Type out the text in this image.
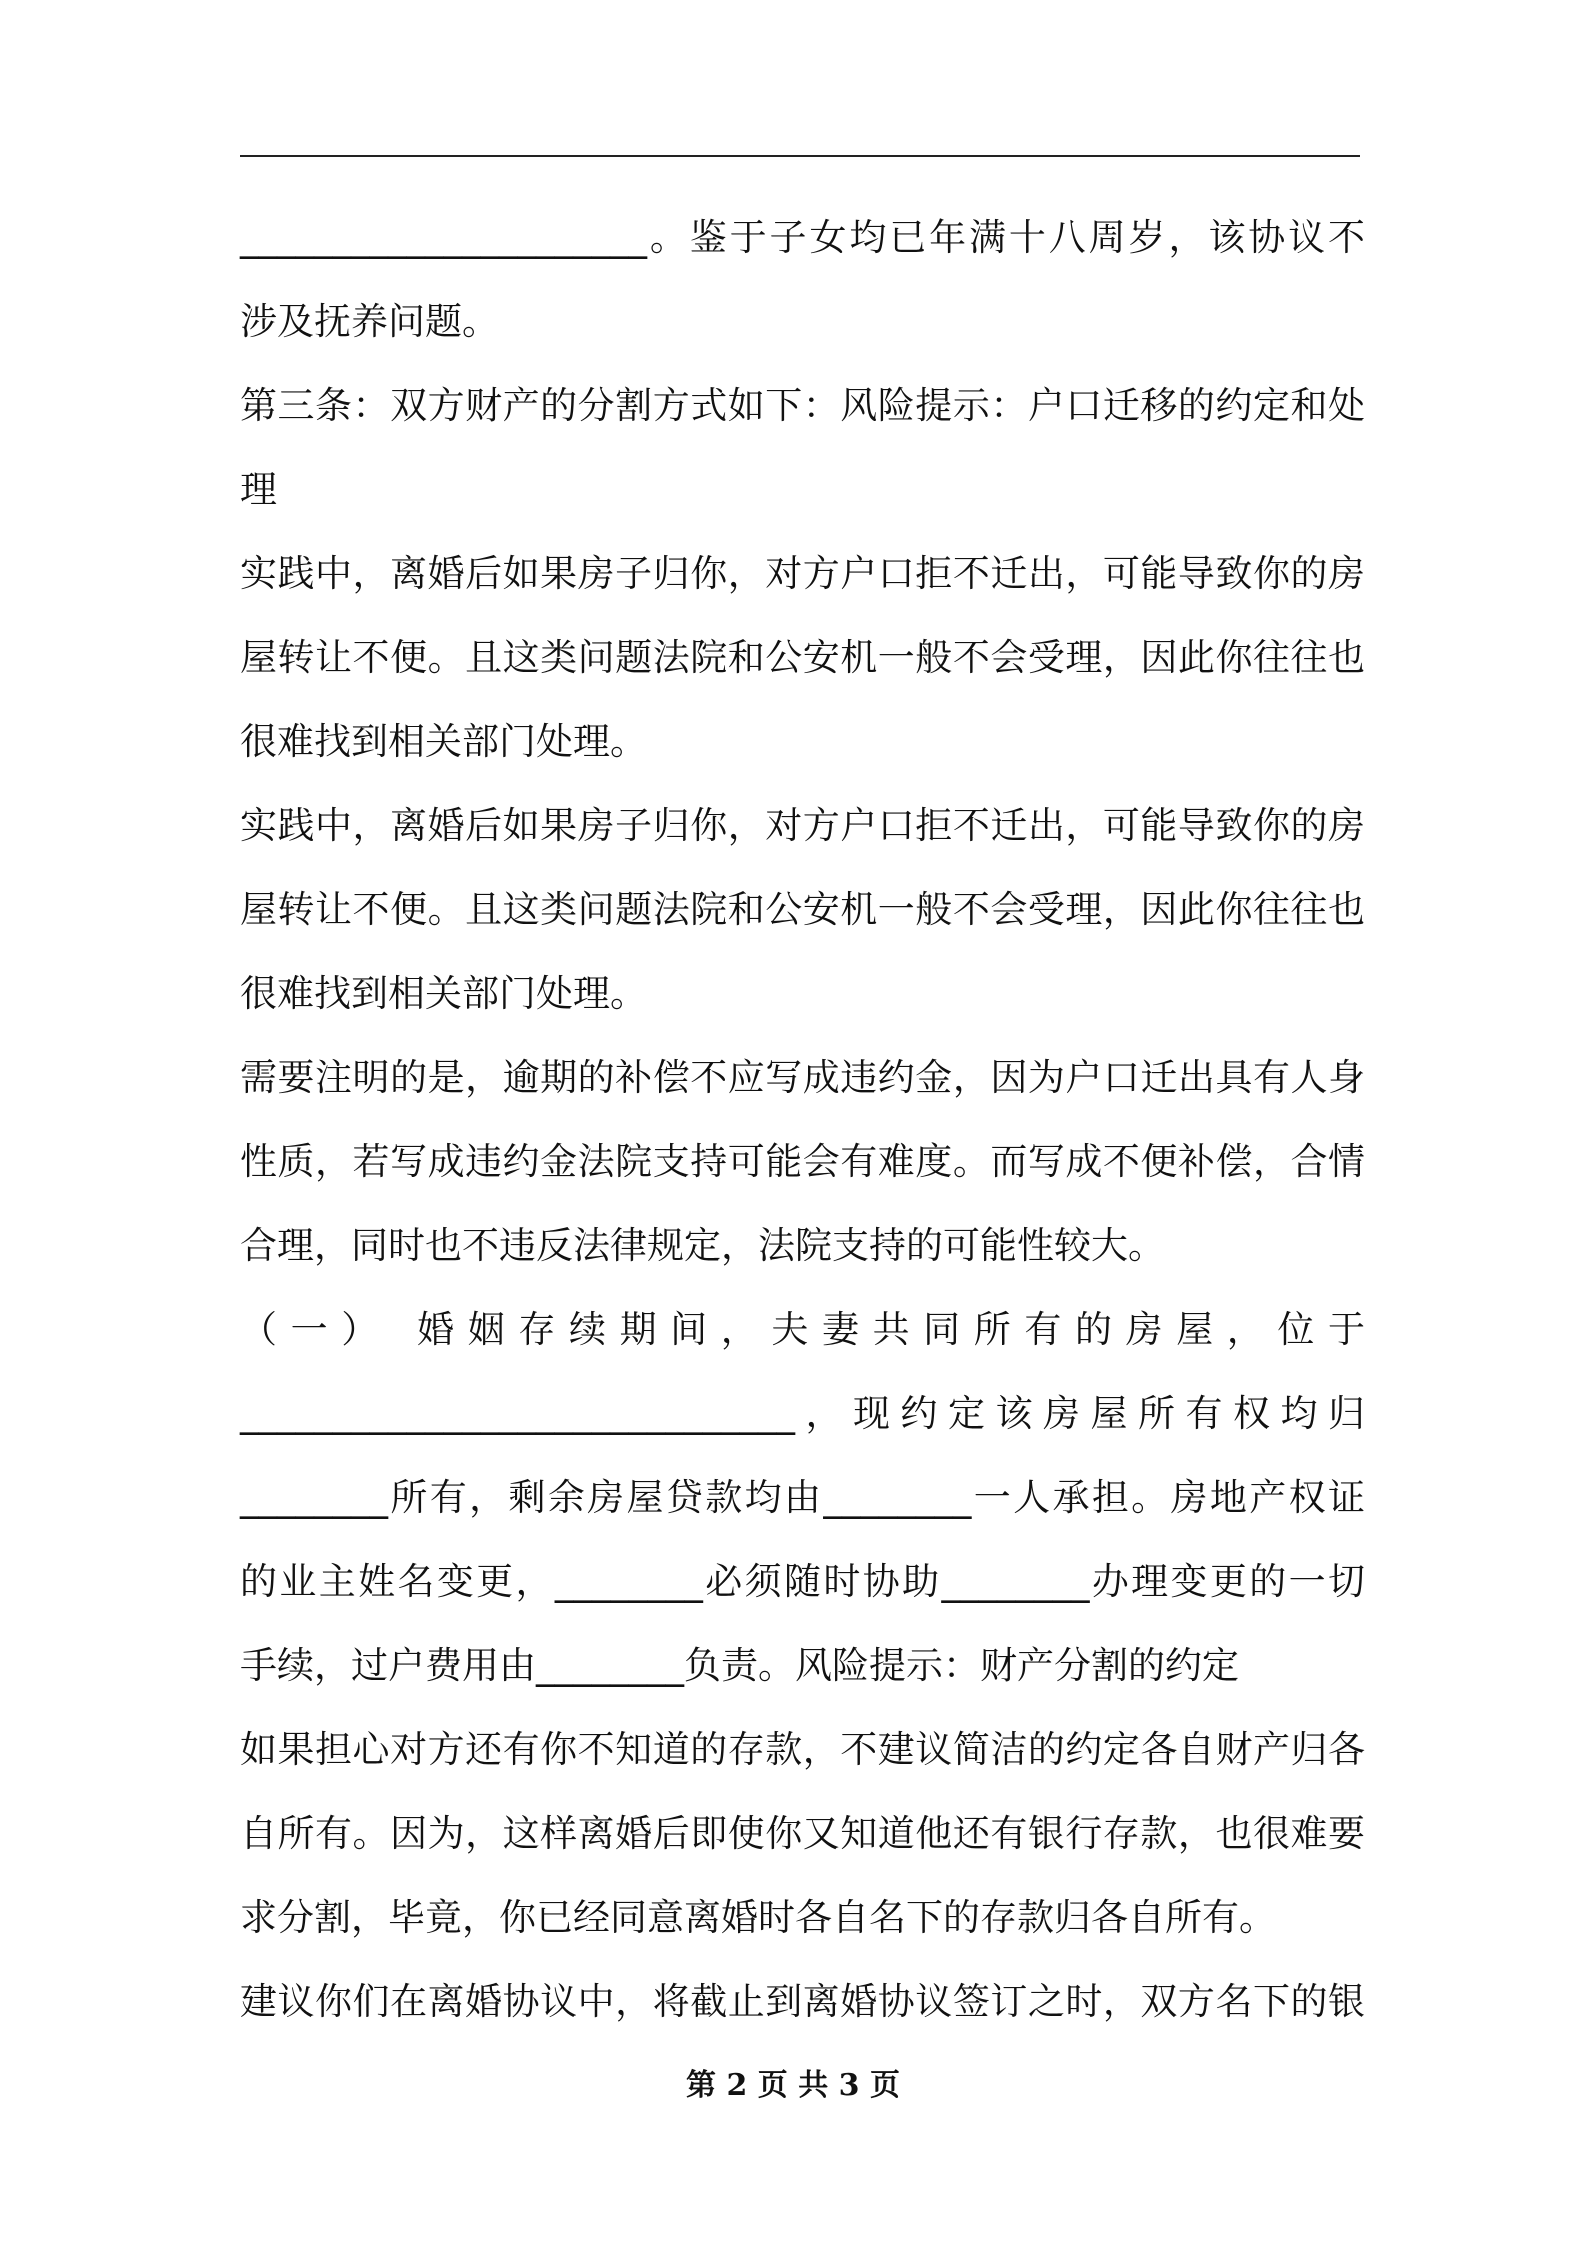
______________________。鉴于子女均已年满十八周岁，该协议不
涉及抚养问题。
第三条：双方财产的分割方式如下：风险提示：户口迁移的约定和处
理
实践中，离婚后如果房子归你，对方户口拒不迁出，可能导致你的房
屋转让不便。且这类问题法院和公安机一般不会受理，因此你往往也
很难找到相关部门处理。
实践中，离婚后如果房子归你，对方户口拒不迁出，可能导致你的房
屋转让不便。且这类问题法院和公安机一般不会受理，因此你往往也
很难找到相关部门处理。
需要注明的是，逾期的补偿不应写成违约金，因为户口迁出具有人身
性质，若写成违约金法院支持可能会有难度。而写成不便补偿，合情
合理，同时也不违反法律规定，法院支持的可能性较大。
（一） 婚姻存续期间，夫妻共同所有的房屋，位于
______________________________，现约定该房屋所有权均归
________所有，剩余房屋贷款均由________一人承担。房地产权证
的业主姓名变更，________必须随时协助________办理变更的一切
手续，过户费用由________负责。风险提示：财产分割的约定
如果担心对方还有你不知道的存款，不建议简洁的约定各自财产归各
自所有。因为，这样离婚后即使你又知道他还有银行存款，也很难要
求分割，毕竟，你已经同意离婚时各自名下的存款归各自所有。
建议你们在离婚协议中，将截止到离婚协议签订之时，双方名下的银
第 2 页 共 3 页
